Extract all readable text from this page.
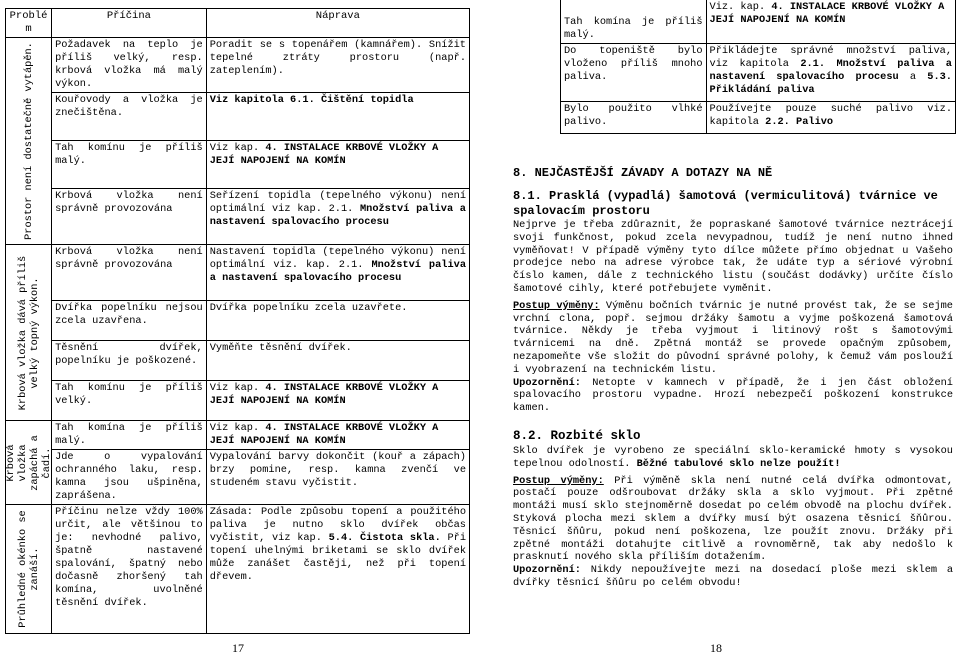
Problé m	Příčina	Náprava

Prostor není dostatečně vytápěn.	Požadavek na teplo je příliš velký, resp. krbová vložka má malý výkon.	Poradit se s topenářem (kamnářem). Snížit tepelné ztráty prostoru (např. zateplením).
	Kouřovody a vložka je znečištěna.	Viz kapitola 6.1. Čištění topidla
	Tah komínu je příliš malý.	Viz kap. 4. INSTALACE KRBOVÉ VLOŽKY A JEJÍ NAPOJENÍ NA KOMÍN
	Krbová vložka není správně provozována	Seřízení topidla (tepelného výkonu) není optimální viz kap. 2.1. Množství paliva a nastavení spalovacího procesu

Krbová vložka dává příliš velký topný výkon.	Krbová vložka není správně provozována	Nastavení topidla (tepelného výkonu) není optimální viz. kap. 2.1. Množství paliva a nastavení spalovacího procesu
	Dvířka popelníku nejsou zcela uzavřena.	Dvířka popelníku zcela uzavřete.
	Těsnění dvířek, popelníku je poškozené.	Vyměňte těsnění dvířek.
	Tah komínu je příliš velký.	Viz kap. 4. INSTALACE KRBOVÉ VLOŽKY A JEJÍ NAPOJENÍ NA KOMÍN

Krbová vložka zapáchá a čadí.	Tah komína je příliš malý.	Viz kap. 4. INSTALACE KRBOVÉ VLOŽKY A JEJÍ NAPOJENÍ NA KOMÍN
	Jde o vypalování ochranného laku, resp. kamna jsou ušpiněna, zaprášena.	Vypalování barvy dokončit (kouř a zápach) brzy pomine, resp. kamna zvenčí ve studeném stavu vyčistit.

Průhledné okénko se zanáší.	Příčinu nelze vždy 100% určit, ale většinou to je: nevhodné palivo, špatně nastavené spalování, špatný nebo dočasně zhoršený tah komína, uvolněné těsnění dvířek.	Zásada: Podle způsobu topení a použitého paliva je nutno sklo dvířek občas vyčistit, viz kap. 5.4. Čistota skla. Při topení uhelnými briketami se sklo dvířek může zanášet častěji, než při topení dřevem.
17
Tah komína je příliš malý.	Viz. kap. 4. INSTALACE KRBOVÉ VLOŽKY A JEJÍ NAPOJENÍ NA KOMÍN
Do topeniště bylo vloženo příliš mnoho paliva.	Přikládejte správné množství paliva, viz kapitola 2.1. Množství paliva a nastavení spalovacího procesu a 5.3. Přikládání paliva
Bylo použito vlhké palivo.	Používejte pouze suché palivo viz. kapitola 2.2. Palivo

8. NEJČASTĚJŠÍ ZÁVADY A DOTAZY NA NĚ

8.1. Prasklá (vypadlá) šamotová (vermiculitová) tvárnice ve spalovacím prostoru

Nejprve je třeba zdůraznit, že popraskané šamotové tvárnice neztrácejí svoji funkčnost, pokud zcela nevypadnou, tudíž je není nutno ihned vyměňovat! V případě výměny tyto dílce můžete přímo objednat u Vašeho prodejce nebo na adrese výrobce tak, že udáte typ a sériové výrobní číslo kamen, dále z technického listu (součást dodávky) určíte číslo šamotové cihly, které potřebujete vyměnit.

Postup výměny: Výměnu bočních tvárnic je nutné provést tak, že se sejme vrchní clona, popř. sejmou držáky šamotu a vyjme poškozená šamotová tvárnice. Někdy je třeba vyjmout i litinový rošt s šamotovými tvárnicemi na dně. Zpětná montáž se provede opačným způsobem, nezapomeňte vše složit do původní správné polohy, k čemuž vám poslouží i vyobrazení na technickém listu.

Upozornění: Netopte v kamnech v případě, že i jen část obložení spalovacího prostoru vypadne. Hrozí nebezpečí poškození konstrukce kamen.

8.2. Rozbité sklo

Sklo dvířek je vyrobeno ze speciální sklo-keramické hmoty s vysokou tepelnou odolností. Běžné tabulové sklo nelze použít!

Postup výměny: Při výměně skla není nutné celá dvířka odmontovat, postačí pouze odšroubovat držáky skla a sklo vyjmout. Při zpětné montáži musí sklo stejnoměrně dosedat po celém obvodě na plochu dvířek. Styková plocha mezi sklem a dvířky musí být osazena těsnicí šňůrou. Těsnicí šňůru, pokud není poškozena, lze použít znovu. Držáky při zpětné montáži dotahujte citlivě a rovnoměrně, tak aby nedošlo k prasknutí nového skla příliším dotažením.

Upozornění: Nikdy nepoužívejte mezi na dosedací ploše mezi sklem a dvířky těsnicí šňůru po celém obvodu!

18
